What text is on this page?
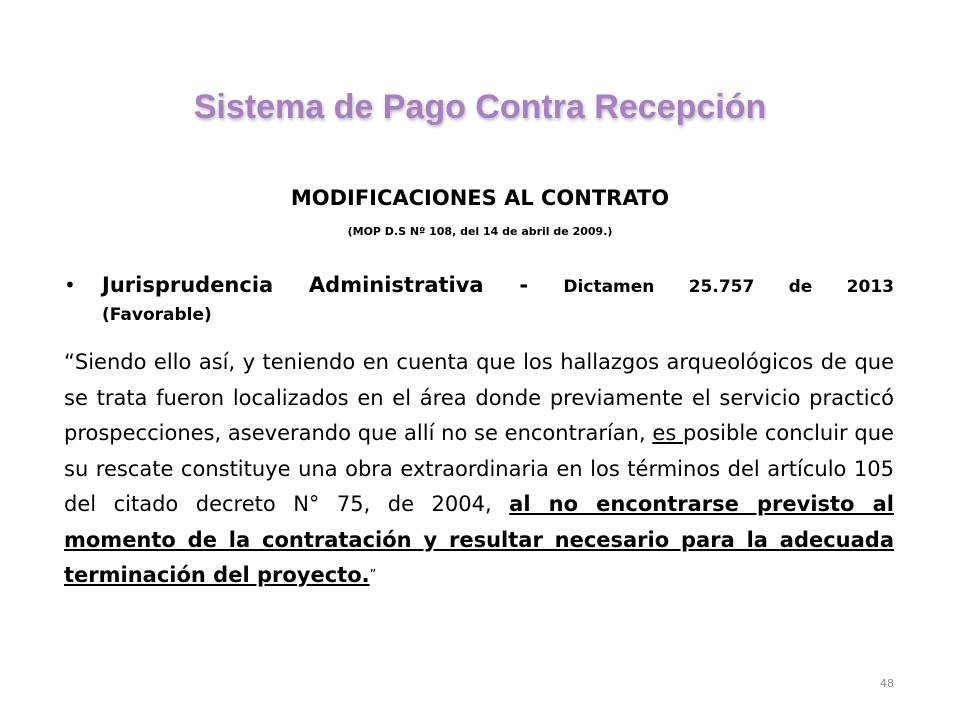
Sistema de Pago Contra Recepción
MODIFICACIONES AL CONTRATO
(MOP D.S Nº 108, del 14 de abril de 2009.)
• Jurisprudencia Administrativa - Dictamen 25.757 de 2013
(Favorable)
“Siendo ello así, y teniendo en cuenta que los hallazgos arqueológicos de que se trata fueron localizados en el área donde previamente el servicio practicó prospecciones, aseverando que allí no se encontrarían, es posible concluir que su rescate constituye una obra extraordinaria en los términos del artículo 105 del citado decreto N° 75, de 2004, al no encontrarse previsto al momento de la contratación y resultar necesario para la adecuada terminación del proyecto.”
48
